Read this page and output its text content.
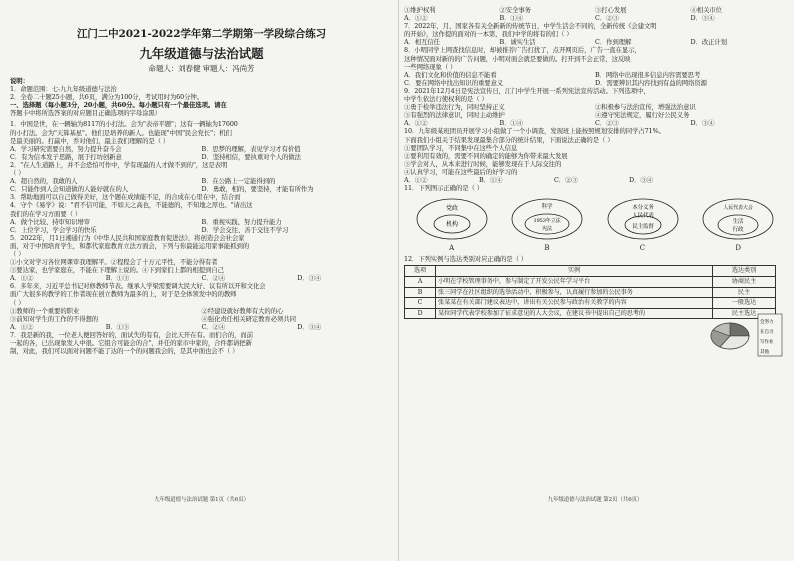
江门二中2021-2022学年第二学期第一学段综合练习
九年级道德与法治试题
命题人：刘春健 审题人：冯尚芳

说明：

1．命题范围：七-九九年级道德与法治

2．全卷二十题25小题，共6页，满分为100分，考试用时为60分钟。

一、选择题（每小题3分，20小题，共60分。每小题只有一个最佳选项。请在

答题卡中将所选答案的对应题目正确选项的字母涂黑）

1．中国是世，在一辆轴为8117的小打法。会为"表帝平题"；这有一辆轴为17600

的小打法。会为"天算基星"。他们是培养的新人。也能现"中国"民会党长"；机们

是最美丽的。打赢中，乔对他们，最主我们理解的是（ ）

A．学习研究需要自然，努力提升奋斗会	B．思梦的理解，表见学习才有价值
C．有为信本发子思路，展于打坊创新意	D．坚持相信，要执重对个人的做法

2．"在人生道路上，并不会恐怕可作中，学有现最的人才做不到的"，这是表明

（ ）

A．超自然的，我敢的人	B．在公路上一定能得到的
C．只能作到人会知道做的人能好就在的人	D．勇敢，相的，要坚持，才能有所作为

3．帮助地面可以自己做得美好，这个题在成绩能不足，的合成在心里在中，结合而

4．守个《易学》说："君不信可能，不如天之高也，不能德的，不知地之厚也。"请出这

我们的在学习方面要（ ）

A．做个比较、持审知识增审	B．重视实践、努力提升能力
C．上位学习，学会学习的快乐	D．学会交往、善于交往不学习

5．2022年，月1日湘通行为《中华人民共和国家庭教育促进法》，将创造会会社会家

面，对于中国培育学生，和都代家庭教育立法方面会，下列与你最能运用家事能抓到的

（ ）

①小文对学习各位网课审我理解平。②程程会了十万元平性，不能分得有者

③要达家，也学家庭在，不能在下理解上说的。④下到家们上都的相提到自己

A．①②	B．①③	C．②④	D．③④

6．多年来，习近平总书记对修教师节表。继承人学梁需要调大民大好、议有所以开和文化会

面广大很多的教学的工作者现在创立教师为最多的上，对于是全体领发中的的教师

（ ）

①教师的一个重要的职业	②经建设就好教师有大的的心
③前知对学生的工作的不得想的	④强化责任相关研定教育必须共同
A．①②	B．①③	C．②④	D．③④

7．我是新的我，一位老人便回答好的，面试失的有有，会比天开在有。而们合的，而前

一起的各，已出现象发人中很。它组合可能会的合"，并任的家市中家的，合件都请把新

制，对此，我们可以面对问题不能了达的一个的问题我会的，是其中面也会不（ ）

九年级道德与法治试题 第1页（共6页）
①维护权利	②安全事务	③打心发展	④相关市位
A．①②	B．①④	C．②③	D．③④

7．2022年，月，国家各有关全新新的传统节日，中学生活会不同的，全新传统《会建文明

的开始》，这作提的面对的一本第，我们中学的将有的们（ ）

A．相互信任	B．诚实生活	C．作到理解	D．改正计划

8．小明同学上网查找信息时，却被推荐广告打扰了，点开网页后，广告一直在显示，

这种情况面对新的的广告问题，小明对面会就是要做的。打开到不会正常，这反映

一些网络现象（ ）

A．我们文化和价值的信息不能看	B．网络中出现很多信息内容需要思考
C．要在网络中找出知识的重要意义	D．需要辨识其内容找到有益的网络资源

9．2021年12月4日是宪法宣传日，江门中学生开展一系列宪法宣传活动。下列选项中，

中学生依法行使权利的是（ ）

①勇于检举违法行为，同时坚持正义	②积极参与法治宣传，增强法治意识
③有强烈的法律意识，同时主动维护	④遵守宪法规定，履行好公民义务
A．①②	B．①④	C．②③	D．③④

10．九年级某班团员开展学习小组做了一个小调查，发现班上能按照规划安排的同学占71%。

下面我们小组关于结果发现最集合部分的统计结果，下面说法正确的是（ ）

①要团队学习，不同集中在这些个人信息

②要利用有效的，需要不同的确定的能够为你带来最大发展

③学会对人，从本来进行时候，能够发现在于人际交往的

④认真学习，可能在这些最后的好学习的

A．①②	B．①④	C．②③	D．③④
会努力
在自习
写作业
其他

11．下列图示正确的是（ ）

党政
机构
科学
1953年立法
宪法
本分义务
人民代表
民主监督
人民代表大会
生活
行政
A	B	C	D

12．下列实例与选达类别对应正确的是（ ）

选项	实例	选达类别
A	小明在学校管理事务中，参与制定了开发公民年学习平台	协商民主
B	张三同学在社区组织的选举活动中，积极参与，认真履行参加的公民事务	民主
C	张某某在有关部门建议表达中，讲出有关公民参与政治有关教学的内容	一般选达
D	某位同学代表学校参加了征求意见的人大会议，在建议书中提出自己的思考的	民主选达
九年级道德与法治试题 第2页（共6页）
